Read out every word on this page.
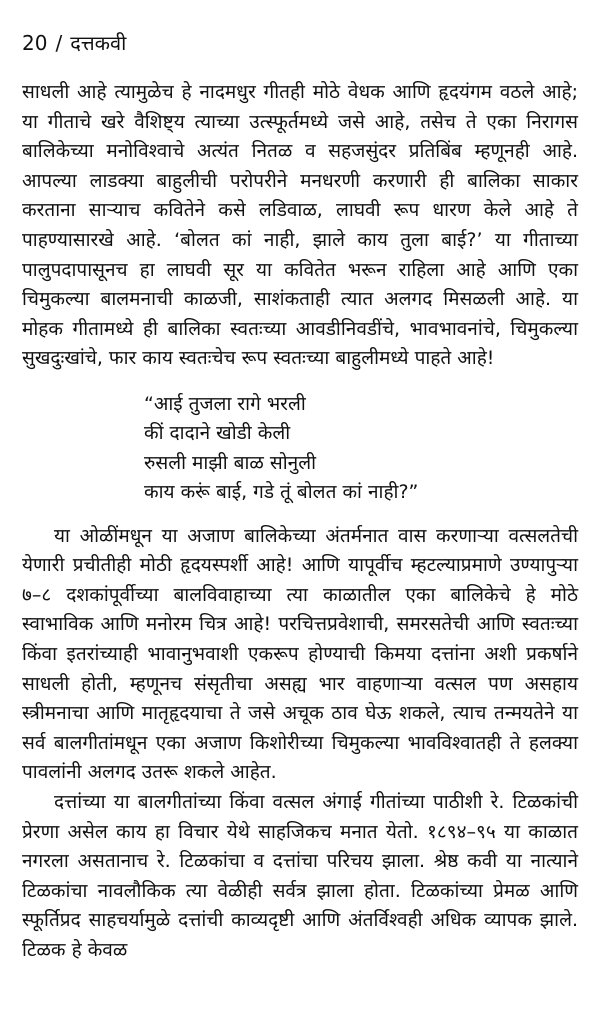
20 / दत्तकवी

साधली आहे त्यामुळेच हे नादमधुर गीतही मोठे वेधक आणि हृदयंगम वठले आहे; या गीताचे खरे वैशिष्ट्य त्याच्या उत्स्फूर्तमध्ये जसे आहे, तसेच ते एका निरागस बालिकेच्या मनोविश्वाचे अत्यंत नितळ व सहजसुंदर प्रतिबिंब म्हणूनही आहे. आपल्या लाडक्या बाहुलीची परोपरीने मनधरणी करणारी ही बालिका साकार करताना साऱ्याच कवितेने कसे लडिवाळ, लाघवी रूप धारण केले आहे ते पाहण्यासारखे आहे. ‘बोलत कां नाही, झाले काय तुला बाई?’ या गीताच्या पालुपदापासूनच हा लाघवी सूर या कवितेत भरून राहिला आहे आणि एका चिमुकल्या बालमनाची काळजी, साशंकताही त्यात अलगद मिसळली आहे. या मोहक गीतामध्ये ही बालिका स्वतःच्या आवडीनिवडींचे, भावभावनांचे, चिमुकल्या सुखदुःखांचे, फार काय स्वतःचेच रूप स्वतःच्या बाहुलीमध्ये पाहते आहे!

“आई तुजला रागे भरली
कीं दादाने खोडी केली
रुसली माझी बाळ सोनुली
काय करूं बाई, गडे तूं बोलत कां नाही?”

या ओळींमधून या अजाण बालिकेच्या अंतर्मनात वास करणाऱ्या वत्सलतेची येणारी प्रचीतीही मोठी हृदयस्पर्शी आहे! आणि यापूर्वीच म्हटल्याप्रमाणे उण्यापुऱ्या ७–८ दशकांपूर्वीच्या बालविवाहाच्या त्या काळातील एका बालिकेचे हे मोठे स्वाभाविक आणि मनोरम चित्र आहे! परचित्तप्रवेशाची, समरसतेची आणि स्वतःच्या किंवा इतरांच्याही भावानुभवाशी एकरूप होण्याची किमया दत्तांना अशी प्रकर्षाने साधली होती, म्हणूनच संसृतीचा असह्य भार वाहणाऱ्या वत्सल पण असहाय स्त्रीमनाचा आणि मातृहृदयाचा ते जसे अचूक ठाव घेऊ शकले, त्याच तन्मयतेने या सर्व बालगीतांमधून एका अजाण किशोरीच्या चिमुकल्या भावविश्वातही ते हलक्या पावलांनी अलगद उतरू शकले आहेत.

दत्तांच्या या बालगीतांच्या किंवा वत्सल अंगाई गीतांच्या पाठीशी रे. टिळकांची प्रेरणा असेल काय हा विचार येथे साहजिकच मनात येतो. १८९४–९५ या काळात नगरला असतानाच रे. टिळकांचा व दत्तांचा परिचय झाला. श्रेष्ठ कवी या नात्याने टिळकांचा नावलौकिक त्या वेळीही सर्वत्र झाला होता. टिळकांच्या प्रेमळ आणि स्फूर्तिप्रद साहचर्यामुळे दत्तांची काव्यदृष्टी आणि अंतर्विश्वही अधिक व्यापक झाले. टिळक हे केवळ
